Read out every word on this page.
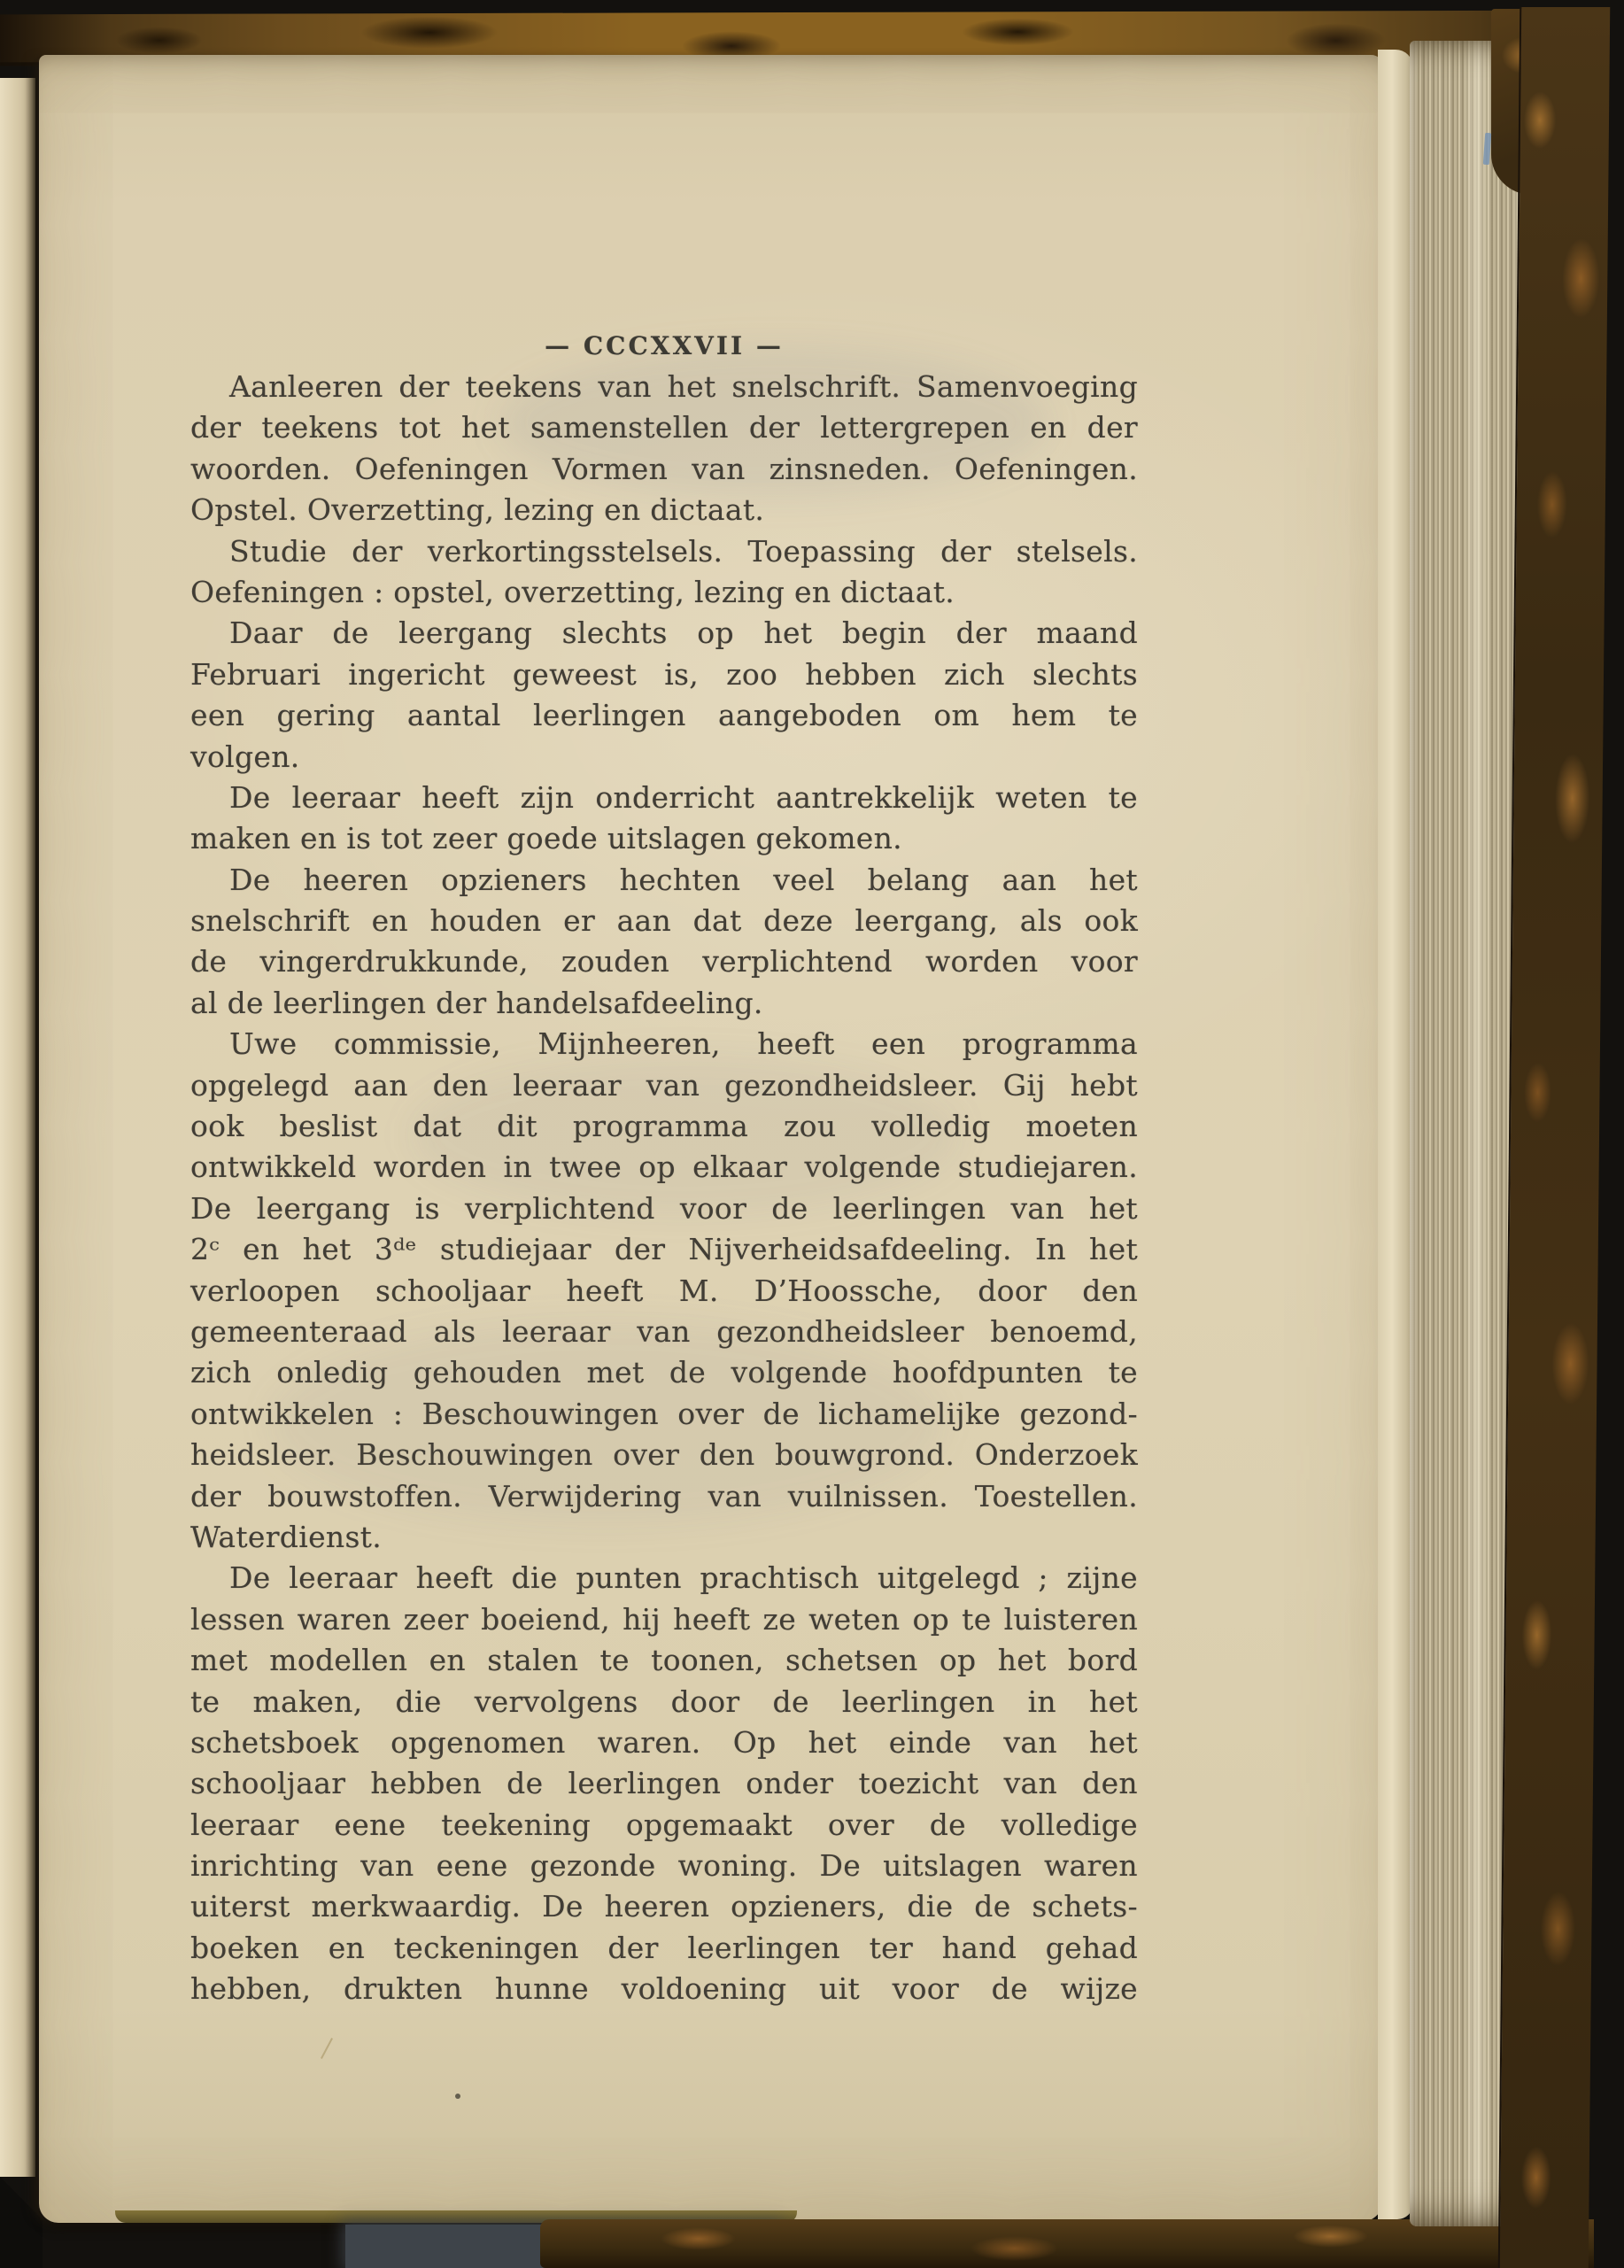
— CCCXXVII —
Aanleeren der teekens van het snelschrift. Samenvoeging
der teekens tot het samenstellen der lettergrepen en der
woorden. Oefeningen Vormen van zinsneden. Oefeningen.
Opstel. Overzetting, lezing en dictaat.
Studie der verkortingsstelsels. Toepassing der stelsels.
Oefeningen : opstel, overzetting, lezing en dictaat.
Daar de leergang slechts op het begin der maand
Februari ingericht geweest is, zoo hebben zich slechts
een gering aantal leerlingen aangeboden om hem te
volgen.
De leeraar heeft zijn onderricht aantrekkelijk weten te
maken en is tot zeer goede uitslagen gekomen.
De heeren opzieners hechten veel belang aan het
snelschrift en houden er aan dat deze leergang, als ook
de vingerdrukkunde, zouden verplichtend worden voor
al de leerlingen der handelsafdeeling.
Uwe commissie, Mijnheeren, heeft een programma
opgelegd aan den leeraar van gezondheidsleer. Gij hebt
ook beslist dat dit programma zou volledig moeten
ontwikkeld worden in twee op elkaar volgende studiejaren.
De leergang is verplichtend voor de leerlingen van het
2ᶜ en het 3ᵈᵉ studiejaar der Nijverheidsafdeeling. In het
verloopen schooljaar heeft M. D’Hoossche, door den
gemeenteraad als leeraar van gezondheidsleer benoemd,
zich onledig gehouden met de volgende hoofdpunten te
ontwikkelen : Beschouwingen over de lichamelijke gezond-
heidsleer. Beschouwingen over den bouwgrond. Onderzoek
der bouwstoffen. Verwijdering van vuilnissen. Toestellen.
Waterdienst.
De leeraar heeft die punten prachtisch uitgelegd ; zijne
lessen waren zeer boeiend, hij heeft ze weten op te luisteren
met modellen en stalen te toonen, schetsen op het bord
te maken, die vervolgens door de leerlingen in het
schetsboek opgenomen waren. Op het einde van het
schooljaar hebben de leerlingen onder toezicht van den
leeraar eene teekening opgemaakt over de volledige
inrichting van eene gezonde woning. De uitslagen waren
uiterst merkwaardig. De heeren opzieners, die de schets-
boeken en teckeningen der leerlingen ter hand gehad
hebben, drukten hunne voldoening uit voor de wijze
